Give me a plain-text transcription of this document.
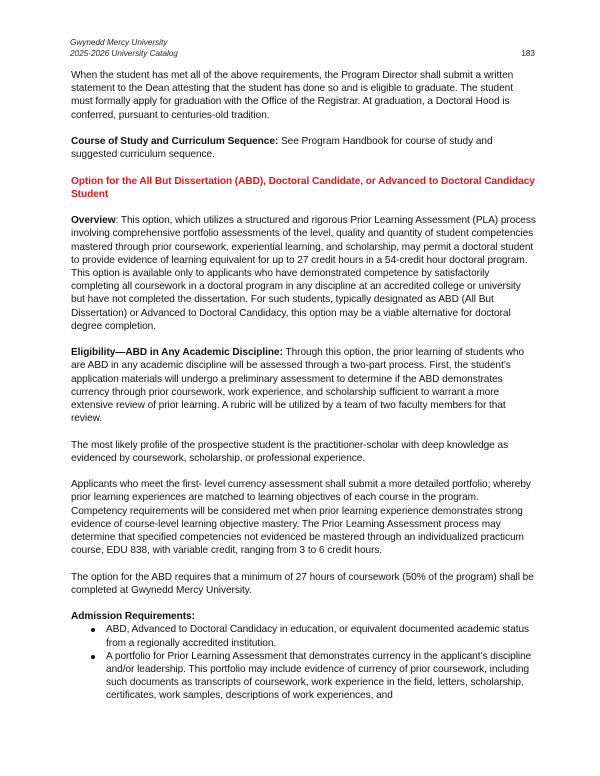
Gwynedd Mercy University
2025-2026 University Catalog	183

When the student has met all of the above requirements, the Program Director shall submit a written statement to the Dean attesting that the student has done so and is eligible to graduate. The student must formally apply for graduation with the Office of the Registrar. At graduation, a Doctoral Hood is conferred, pursuant to centuries-old tradition.

Course of Study and Curriculum Sequence: See Program Handbook for course of study and suggested curriculum sequence.

Option for the All But Dissertation (ABD), Doctoral Candidate, or Advanced to Doctoral Candidacy Student

Overview: This option, which utilizes a structured and rigorous Prior Learning Assessment (PLA) process involving comprehensive portfolio assessments of the level, quality and quantity of student competencies mastered through prior coursework, experiential learning, and scholarship, may permit a doctoral student to provide evidence of learning equivalent for up to 27 credit hours in a 54-credit hour doctoral program. This option is available only to applicants who have demonstrated competence by satisfactorily completing all coursework in a doctoral program in any discipline at an accredited college or university but have not completed the dissertation. For such students, typically designated as ABD (All But Dissertation) or Advanced to Doctoral Candidacy, this option may be a viable alternative for doctoral degree completion.

Eligibility—ABD in Any Academic Discipline: Through this option, the prior learning of students who are ABD in any academic discipline will be assessed through a two-part process. First, the student’s application materials will undergo a preliminary assessment to determine if the ABD demonstrates currency through prior coursework, work experience, and scholarship sufficient to warrant a more extensive review of prior learning. A rubric will be utilized by a team of two faculty members for that review.

The most likely profile of the prospective student is the practitioner-scholar with deep knowledge as evidenced by coursework, scholarship, or professional experience.

Applicants who meet the first- level currency assessment shall submit a more detailed portfolio; whereby prior learning experiences are matched to learning objectives of each course in the program. Competency requirements will be considered met when prior learning experience demonstrates strong evidence of course-level learning objective mastery. The Prior Learning Assessment process may determine that specified competencies not evidenced be mastered through an individualized practicum course, EDU 838, with variable credit, ranging from 3 to 6 credit hours.

The option for the ABD requires that a minimum of 27 hours of coursework (50% of the program) shall be completed at Gwynedd Mercy University.

Admission Requirements:
ABD, Advanced to Doctoral Candidacy in education, or equivalent documented academic status from a regionally accredited institution.
A portfolio for Prior Learning Assessment that demonstrates currency in the applicant’s discipline and/or leadership. This portfolio may include evidence of currency of prior coursework, including such documents as transcripts of coursework, work experience in the field, letters, scholarship, certificates, work samples, descriptions of work experiences, and
